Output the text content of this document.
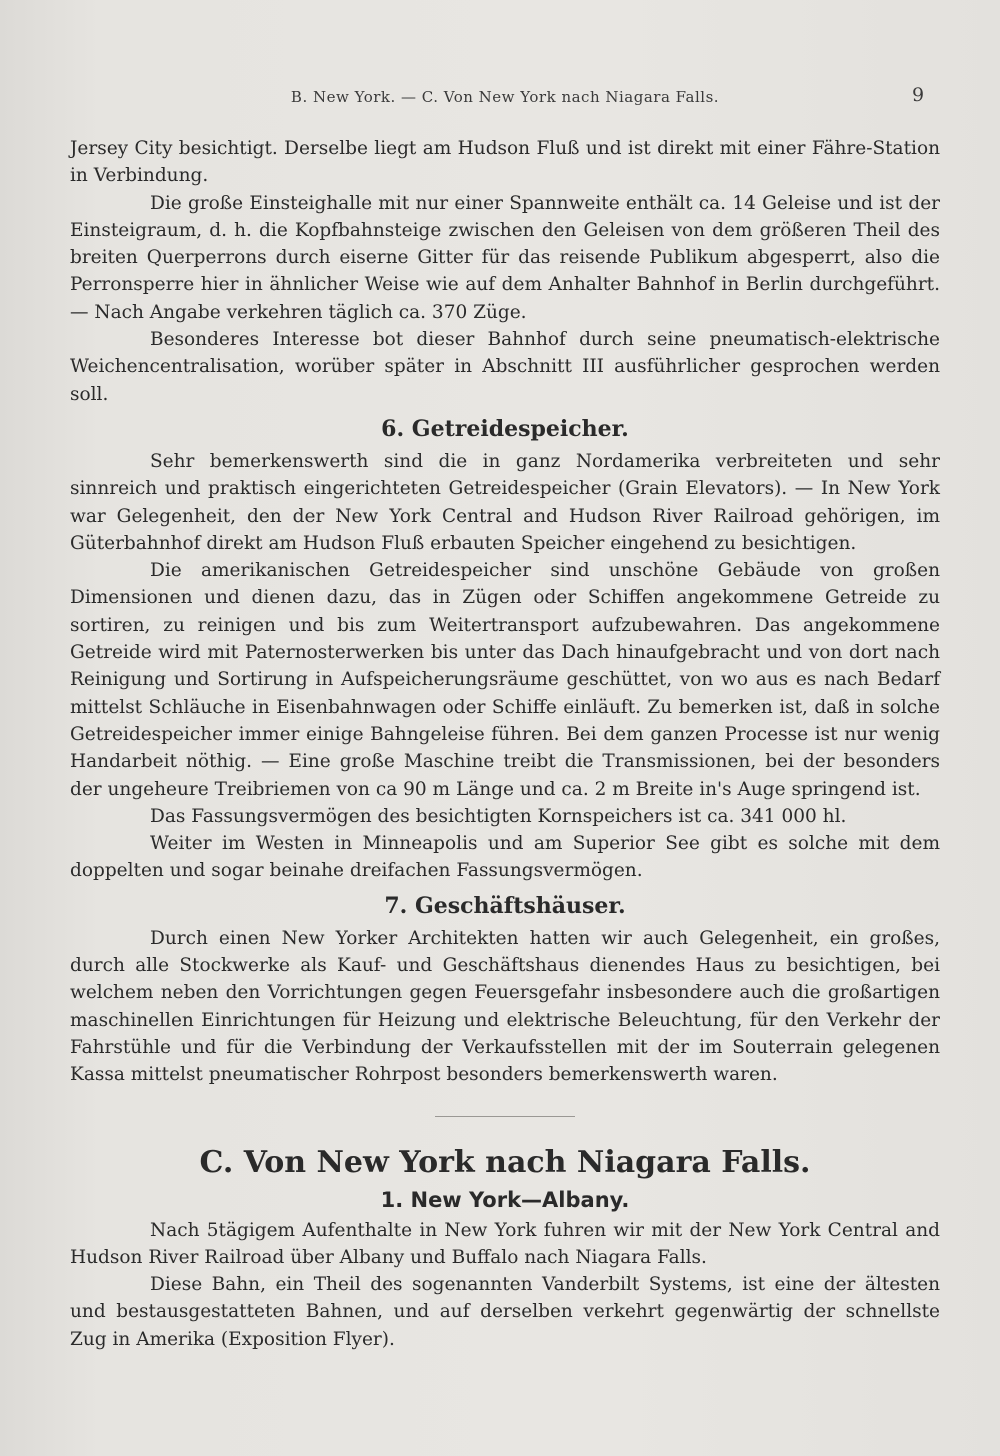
B. New York. — C. Von New York nach Niagara Falls.	9

Jersey City besichtigt. Derselbe liegt am Hudson Fluß und ist direkt mit einer Fähre-Station in Verbindung.

Die große Einsteighalle mit nur einer Spannweite enthält ca. 14 Geleise und ist der Einsteigraum, d. h. die Kopfbahnsteige zwischen den Geleisen von dem größeren Theil des breiten Querperrons durch eiserne Gitter für das reisende Publikum abgesperrt, also die Perronsperre hier in ähnlicher Weise wie auf dem Anhalter Bahnhof in Berlin durchgeführt. — Nach Angabe verkehren täglich ca. 370 Züge.

Besonderes Interesse bot dieser Bahnhof durch seine pneumatisch-elektrische Weichencentralisation, worüber später in Abschnitt III ausführlicher gesprochen werden soll.

6. Getreidespeicher.

Sehr bemerkenswerth sind die in ganz Nordamerika verbreiteten und sehr sinnreich und praktisch eingerichteten Getreidespeicher (Grain Elevators). — In New York war Gelegenheit, den der New York Central and Hudson River Railroad gehörigen, im Güterbahnhof direkt am Hudson Fluß erbauten Speicher eingehend zu besichtigen.

Die amerikanischen Getreidespeicher sind unschöne Gebäude von großen Dimensionen und dienen dazu, das in Zügen oder Schiffen angekommene Getreide zu sortiren, zu reinigen und bis zum Weitertransport aufzubewahren. Das angekommene Getreide wird mit Paternosterwerken bis unter das Dach hinaufgebracht und von dort nach Reinigung und Sortirung in Aufspeicherungsräume geschüttet, von wo aus es nach Bedarf mittelst Schläuche in Eisenbahnwagen oder Schiffe einläuft. Zu bemerken ist, daß in solche Getreidespeicher immer einige Bahngeleise führen. Bei dem ganzen Processe ist nur wenig Handarbeit nöthig. — Eine große Maschine treibt die Transmissionen, bei der besonders der ungeheure Treibriemen von ca 90 m Länge und ca. 2 m Breite in's Auge springend ist.

Das Fassungsvermögen des besichtigten Kornspeichers ist ca. 341 000 hl.

Weiter im Westen in Minneapolis und am Superior See gibt es solche mit dem doppelten und sogar beinahe dreifachen Fassungsvermögen.

7. Geschäftshäuser.

Durch einen New Yorker Architekten hatten wir auch Gelegenheit, ein großes, durch alle Stockwerke als Kauf- und Geschäftshaus dienendes Haus zu besichtigen, bei welchem neben den Vorrichtungen gegen Feuersgefahr insbesondere auch die großartigen maschinellen Einrichtungen für Heizung und elektrische Beleuchtung, für den Verkehr der Fahrstühle und für die Verbindung der Verkaufsstellen mit der im Souterrain gelegenen Kassa mittelst pneumatischer Rohrpost besonders bemerkenswerth waren.

C. Von New York nach Niagara Falls.
1. New York—Albany.

Nach 5tägigem Aufenthalte in New York fuhren wir mit der New York Central and Hudson River Railroad über Albany und Buffalo nach Niagara Falls.

Diese Bahn, ein Theil des sogenannten Vanderbilt Systems, ist eine der ältesten und bestausgestatteten Bahnen, und auf derselben verkehrt gegenwärtig der schnellste Zug in Amerika (Exposition Flyer).
